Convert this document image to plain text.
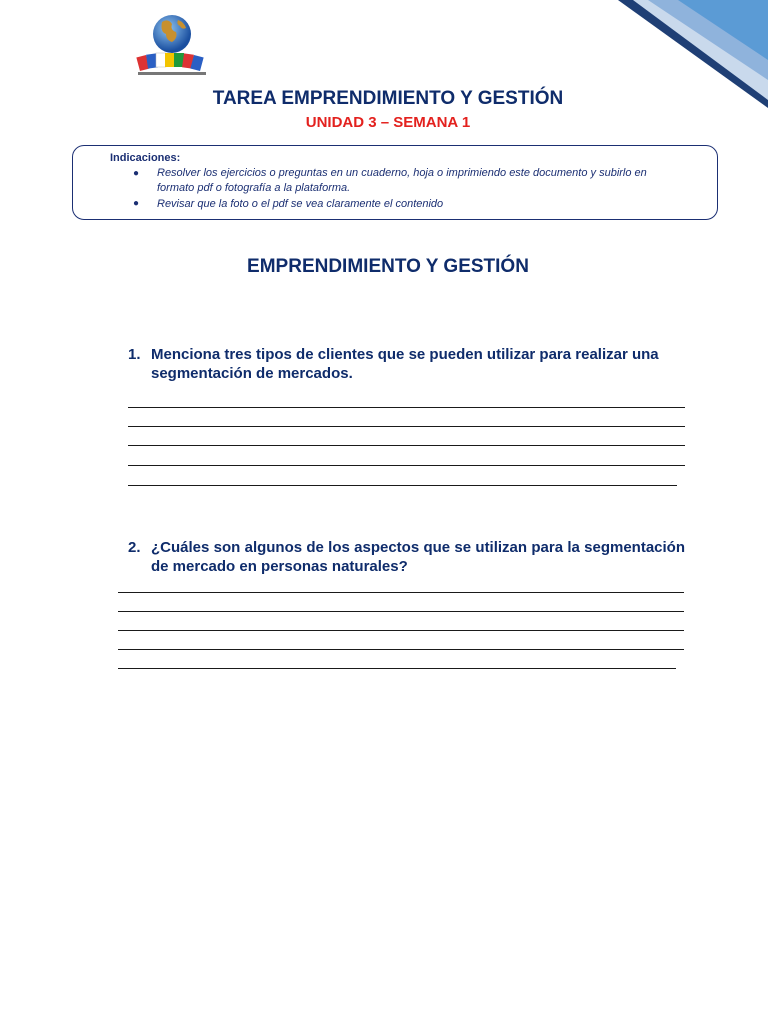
TAREA EMPRENDIMIENTO Y GESTIÓN
UNIDAD 3 – SEMANA 1
Indicaciones:
● Resolver los ejercicios o preguntas en un cuaderno, hoja o imprimiendo este documento y subirlo en formato pdf o fotografía a la plataforma.
● Revisar que la foto o el pdf se vea claramente el contenido
EMPRENDIMIENTO Y GESTIÓN
1. Menciona tres tipos de clientes que se pueden utilizar para realizar una segmentación de mercados.
2. ¿Cuáles son algunos de los aspectos que se utilizan para la segmentación de mercado en personas naturales?
